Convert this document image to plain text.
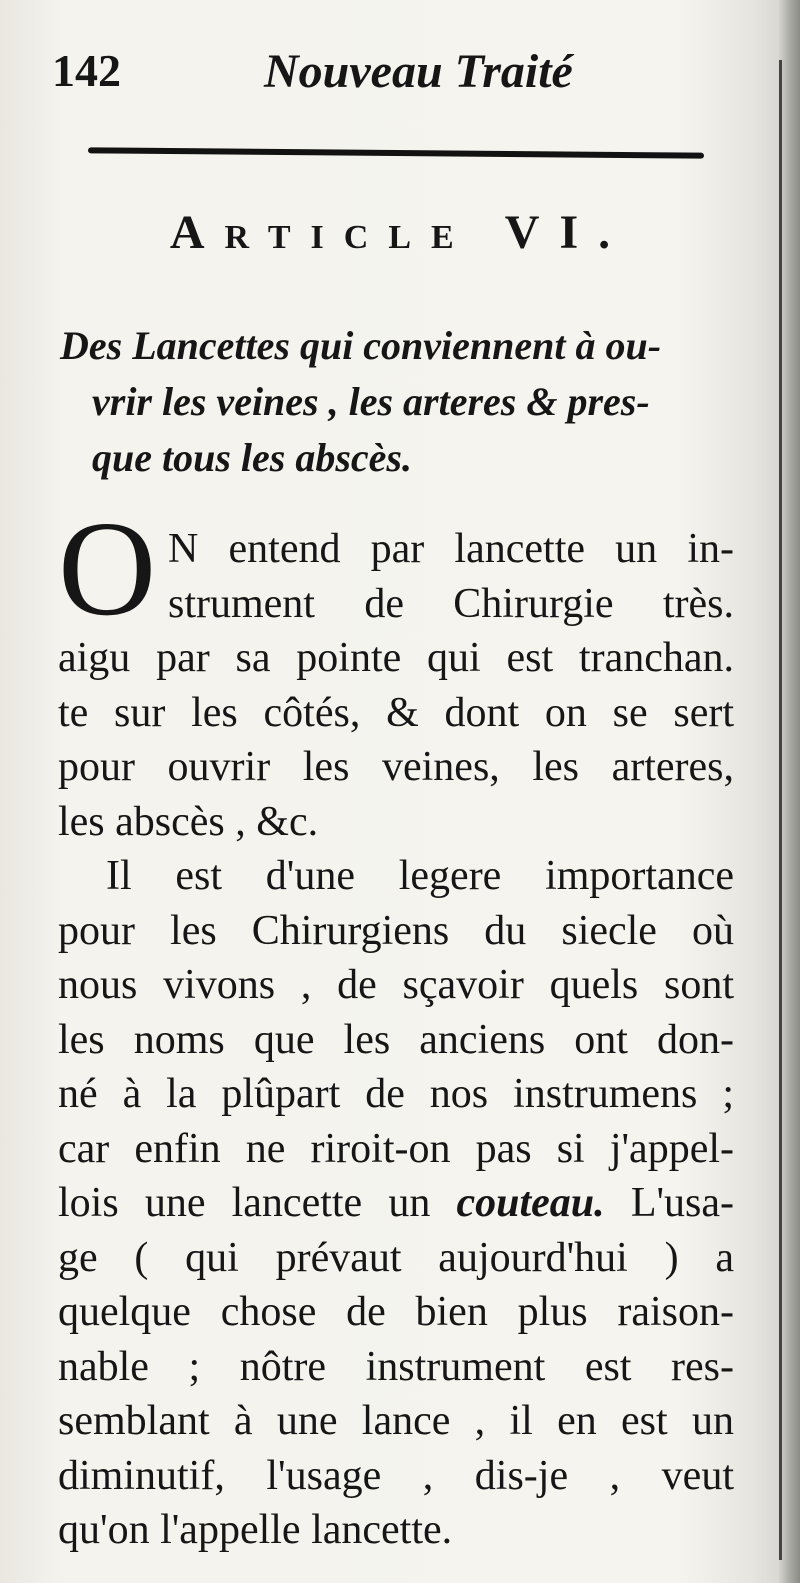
142	Nouveau Traité
Article VI.
Des Lancettes qui conviennent à ou-
vrir les veines , les arteres & pres-
que tous les abscès.
O N entend par lancette un in-
strument de Chirurgie très.
aigu par sa pointe qui est tranchan.
te sur les côtés, & dont on se sert
pour ouvrir les veines, les arteres,
les abscès , &c.
Il est d'une legere importance
pour les Chirurgiens du siecle où
nous vivons , de sçavoir quels sont
les noms que les anciens ont don-
né à la plûpart de nos instrumens ;
car enfin ne riroit-on pas si j'appel-
lois une lancette un couteau. L'usa-
ge ( qui prévaut aujourd'hui ) a
quelque chose de bien plus raison-
nable ; nôtre instrument est res-
semblant à une lance , il en est un
diminutif, l'usage , dis-je , veut
qu'on l'appelle lancette.
